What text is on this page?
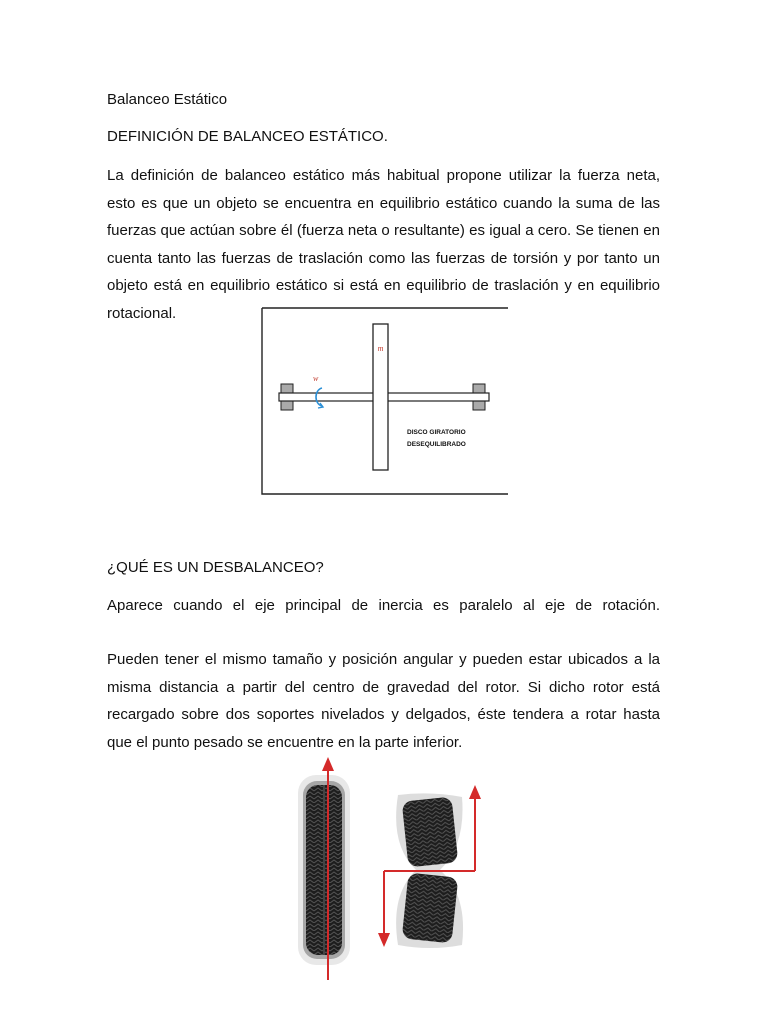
Balanceo Estático
DEFINICIÓN DE BALANCEO ESTÁTICO.
La definición de balanceo estático más habitual propone utilizar la fuerza neta,
esto es que un objeto se encuentra en equilibrio estático cuando la suma de las
fuerzas que actúan sobre él (fuerza neta o resultante) es igual a cero. Se tienen en
cuenta tanto las fuerzas de traslación como las fuerzas de torsión y por tanto un
objeto está en equilibrio estático si está en equilibrio de traslación y en equilibrio
rotacional.
m
w
DISCO GIRATORIO
DESEQUILIBRADO
¿QUÉ ES UN DESBALANCEO?
Aparece cuando el eje principal de inercia es paralelo al eje de rotación.
Pueden tener el mismo tamaño y posición angular y pueden estar ubicados a la
misma distancia a partir del centro de gravedad del rotor. Si dicho rotor está
recargado sobre dos soportes nivelados y delgados, éste tendera a rotar hasta
que el punto pesado se encuentre en la parte inferior.
